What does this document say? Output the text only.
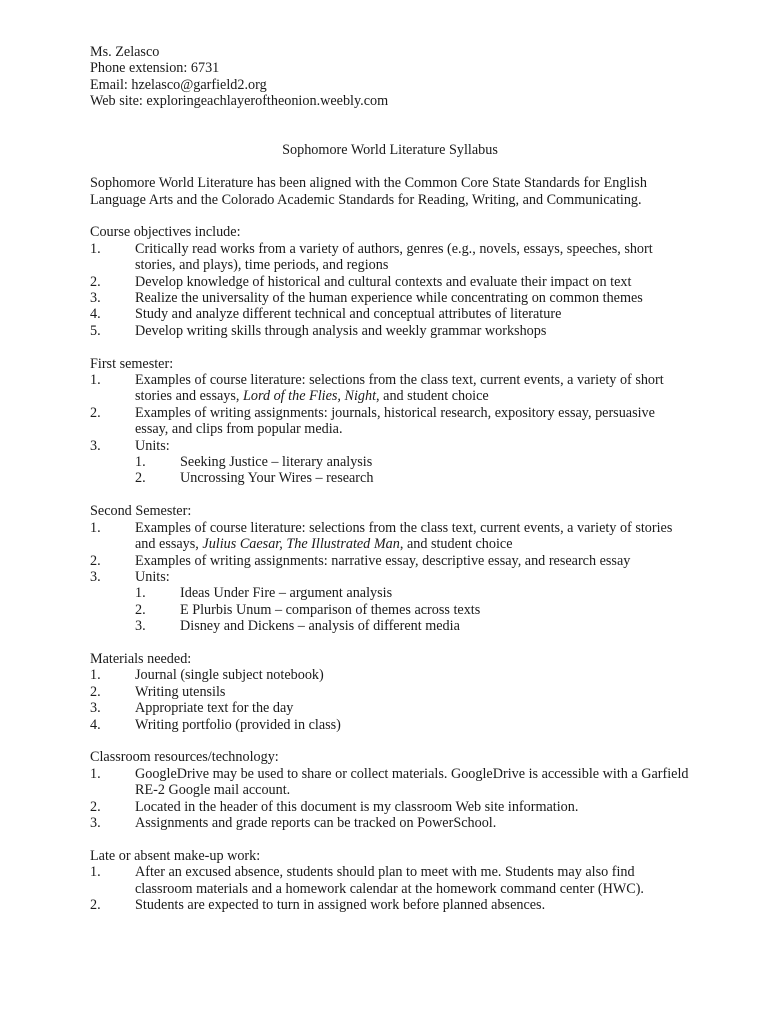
Ms. Zelasco
Phone extension: 6731
Email: hzelasco@garfield2.org
Web site: exploringeachlayeroftheonion.weebly.com
Sophomore World Literature Syllabus
Sophomore World Literature has been aligned with the Common Core State Standards for English
Language Arts and the Colorado Academic Standards for Reading, Writing, and Communicating.
Course objectives include:
1. Critically read works from a variety of authors, genres (e.g., novels, essays, speeches, short
stories, and plays), time periods, and regions
2. Develop knowledge of historical and cultural contexts and evaluate their impact on text
3. Realize the universality of the human experience while concentrating on common themes
4. Study and analyze different technical and conceptual attributes of literature
5. Develop writing skills through analysis and weekly grammar workshops
First semester:
1. Examples of course literature: selections from the class text, current events, a variety of short
stories and essays, Lord of the Flies, Night, and student choice
2. Examples of writing assignments: journals, historical research, expository essay, persuasive
essay, and clips from popular media.
3. Units:
1. Seeking Justice – literary analysis
2. Uncrossing Your Wires – research
Second Semester:
1. Examples of course literature: selections from the class text, current events, a variety of stories
and essays, Julius Caesar, The Illustrated Man, and student choice
2. Examples of writing assignments: narrative essay, descriptive essay, and research essay
3. Units:
1. Ideas Under Fire – argument analysis
2. E Plurbis Unum – comparison of themes across texts
3. Disney and Dickens – analysis of different media
Materials needed:
1. Journal (single subject notebook)
2. Writing utensils
3. Appropriate text for the day
4. Writing portfolio (provided in class)
Classroom resources/technology:
1. GoogleDrive may be used to share or collect materials. GoogleDrive is accessible with a Garfield
RE-2 Google mail account.
2. Located in the header of this document is my classroom Web site information.
3. Assignments and grade reports can be tracked on PowerSchool.
Late or absent make-up work:
1. After an excused absence, students should plan to meet with me. Students may also find
classroom materials and a homework calendar at the homework command center (HWC).
2. Students are expected to turn in assigned work before planned absences.
